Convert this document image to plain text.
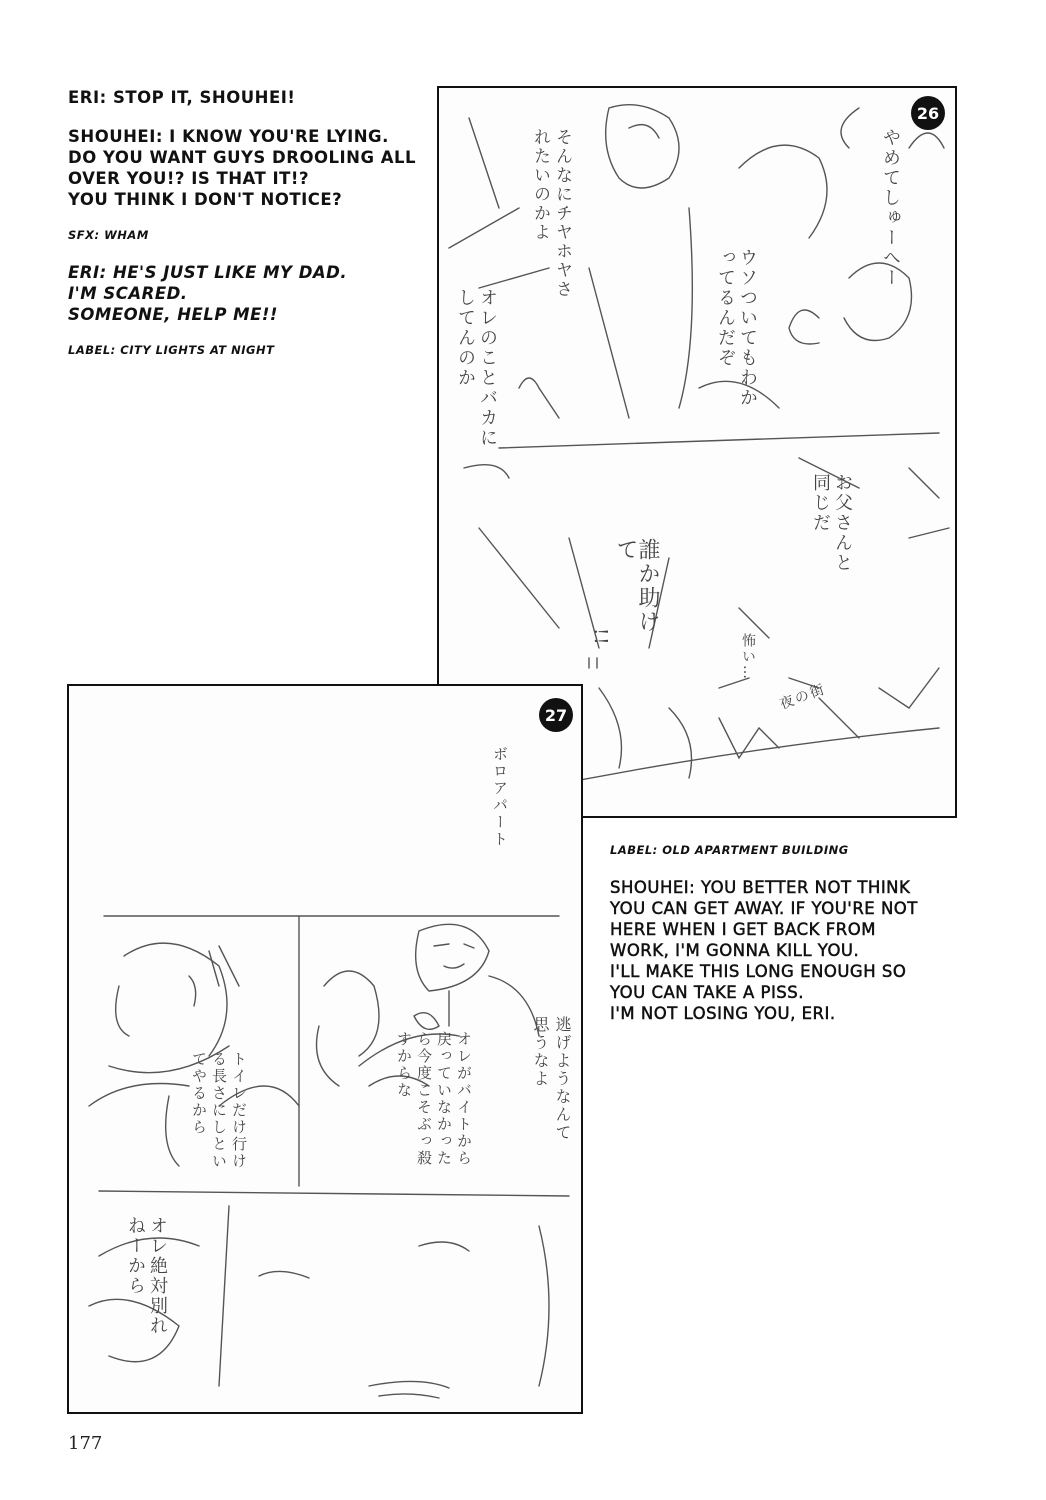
ERI: STOP IT, SHOUHEI!

SHOUHEI: I KNOW YOU'RE LYING.
DO YOU WANT GUYS DROOLING ALL
OVER YOU!? IS THAT IT!?
YOU THINK I DON'T NOTICE?

SFX: WHAM

ERI: HE'S JUST LIKE MY DAD.
I'M SCARED.
SOMEONE, HELP ME!!

LABEL: CITY LIGHTS AT NIGHT

26
やめてしゅーへー
そんなにチヤホヤされたいのかよ
ウソついてもわかってるんだぞ
オレのことバカにしてんのか
お父さんと同じだ
誰か助けて
!!	怖い…
夜の街
27
ボロアパート
逃げようなんて思うなよ
オレがバイトから戻っていなかったら今度こそぶっ殺すからな
トイレだけ行ける長さにしといてやるから
オレ絶対別れねーから

LABEL: OLD APARTMENT BUILDING

SHOUHEI: YOU BETTER NOT THINK
YOU CAN GET AWAY. IF YOU'RE NOT
HERE WHEN I GET BACK FROM
WORK, I'M GONNA KILL YOU.
I'LL MAKE THIS LONG ENOUGH SO
YOU CAN TAKE A PISS.
I'M NOT LOSING YOU, ERI.

177
